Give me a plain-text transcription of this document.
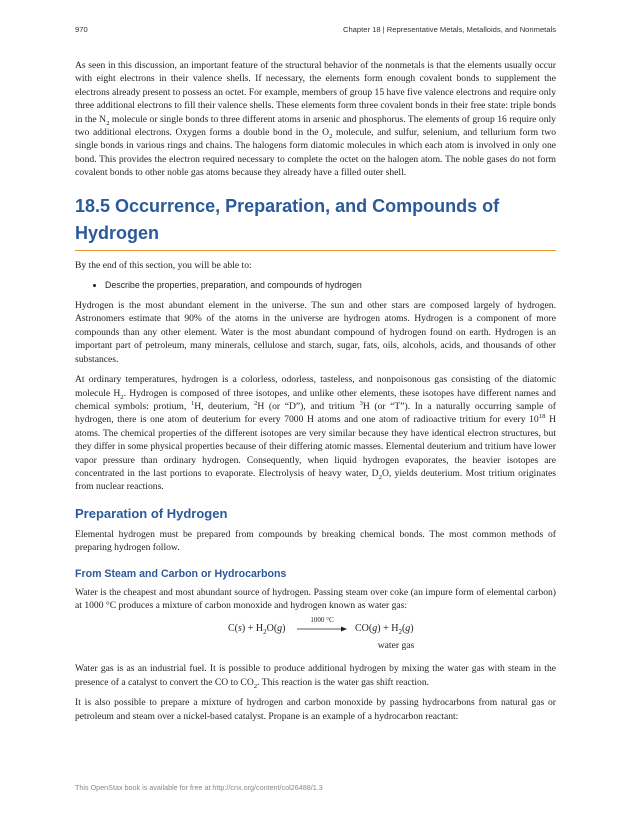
970	Chapter 18 | Representative Metals, Metalloids, and Nonmetals

As seen in this discussion, an important feature of the structural behavior of the nonmetals is that the elements usually occur with eight electrons in their valence shells. If necessary, the elements form enough covalent bonds to supplement the electrons already present to possess an octet. For example, members of group 15 have five valence electrons and require only three additional electrons to fill their valence shells. These elements form three covalent bonds in their free state: triple bonds in the $N_2$ molecule or single bonds to three different atoms in arsenic and phosphorus. The elements of group 16 require only two additional electrons. Oxygen forms a double bond in the $O_2$ molecule, and sulfur, selenium, and tellurium form two single bonds in various rings and chains. The halogens form diatomic molecules in which each atom is involved in only one bond. This provides the electron required necessary to complete the octet on the halogen atom. The noble gases do not form covalent bonds to other noble gas atoms because they already have a filled outer shell.

18.5 Occurrence, Preparation, and Compounds of Hydrogen

By the end of this section, you will be able to:

• Describe the properties, preparation, and compounds of hydrogen

Hydrogen is the most abundant element in the universe. The sun and other stars are composed largely of hydrogen. Astronomers estimate that 90% of the atoms in the universe are hydrogen atoms. Hydrogen is a component of more compounds than any other element. Water is the most abundant compound of hydrogen found on earth. Hydrogen is an important part of petroleum, many minerals, cellulose and starch, sugar, fats, oils, alcohols, acids, and thousands of other substances.

At ordinary temperatures, hydrogen is a colorless, odorless, tasteless, and nonpoisonous gas consisting of the diatomic molecule $H_2$. Hydrogen is composed of three isotopes, and unlike other elements, these isotopes have different names and chemical symbols: protium, $^1$H, deuterium, $^2$H (or “D”), and tritium $^3$H (or “T”). In a naturally occurring sample of hydrogen, there is one atom of deuterium for every 7000 H atoms and one atom of radioactive tritium for every $10^{18}$ H atoms. The chemical properties of the different isotopes are very similar because they have identical electron structures, but they differ in some physical properties because of their differing atomic masses. Elemental deuterium and tritium have lower vapor pressure than ordinary hydrogen. Consequently, when liquid hydrogen evaporates, the heavier isotopes are concentrated in the last portions to evaporate. Electrolysis of heavy water, $D_2O$, yields deuterium. Most tritium originates from nuclear reactions.

Preparation of Hydrogen

Elemental hydrogen must be prepared from compounds by breaking chemical bonds. The most common methods of preparing hydrogen follow.

From Steam and Carbon or Hydrocarbons

Water is the cheapest and most abundant source of hydrogen. Passing steam over coke (an impure form of elemental carbon) at 1000 °C produces a mixture of carbon monoxide and hydrogen known as water gas:

$C(s) + H_2O(g)$
1000 °C
$CO(g) + H_2(g)$
water gas

Water gas is as an industrial fuel. It is possible to produce additional hydrogen by mixing the water gas with steam in the presence of a catalyst to convert the CO to $CO_2$. This reaction is the water gas shift reaction.

It is also possible to prepare a mixture of hydrogen and carbon monoxide by passing hydrocarbons from natural gas or petroleum and steam over a nickel-based catalyst. Propane is an example of a hydrocarbon reactant:

This OpenStax book is available for free at http://cnx.org/content/col26488/1.3
